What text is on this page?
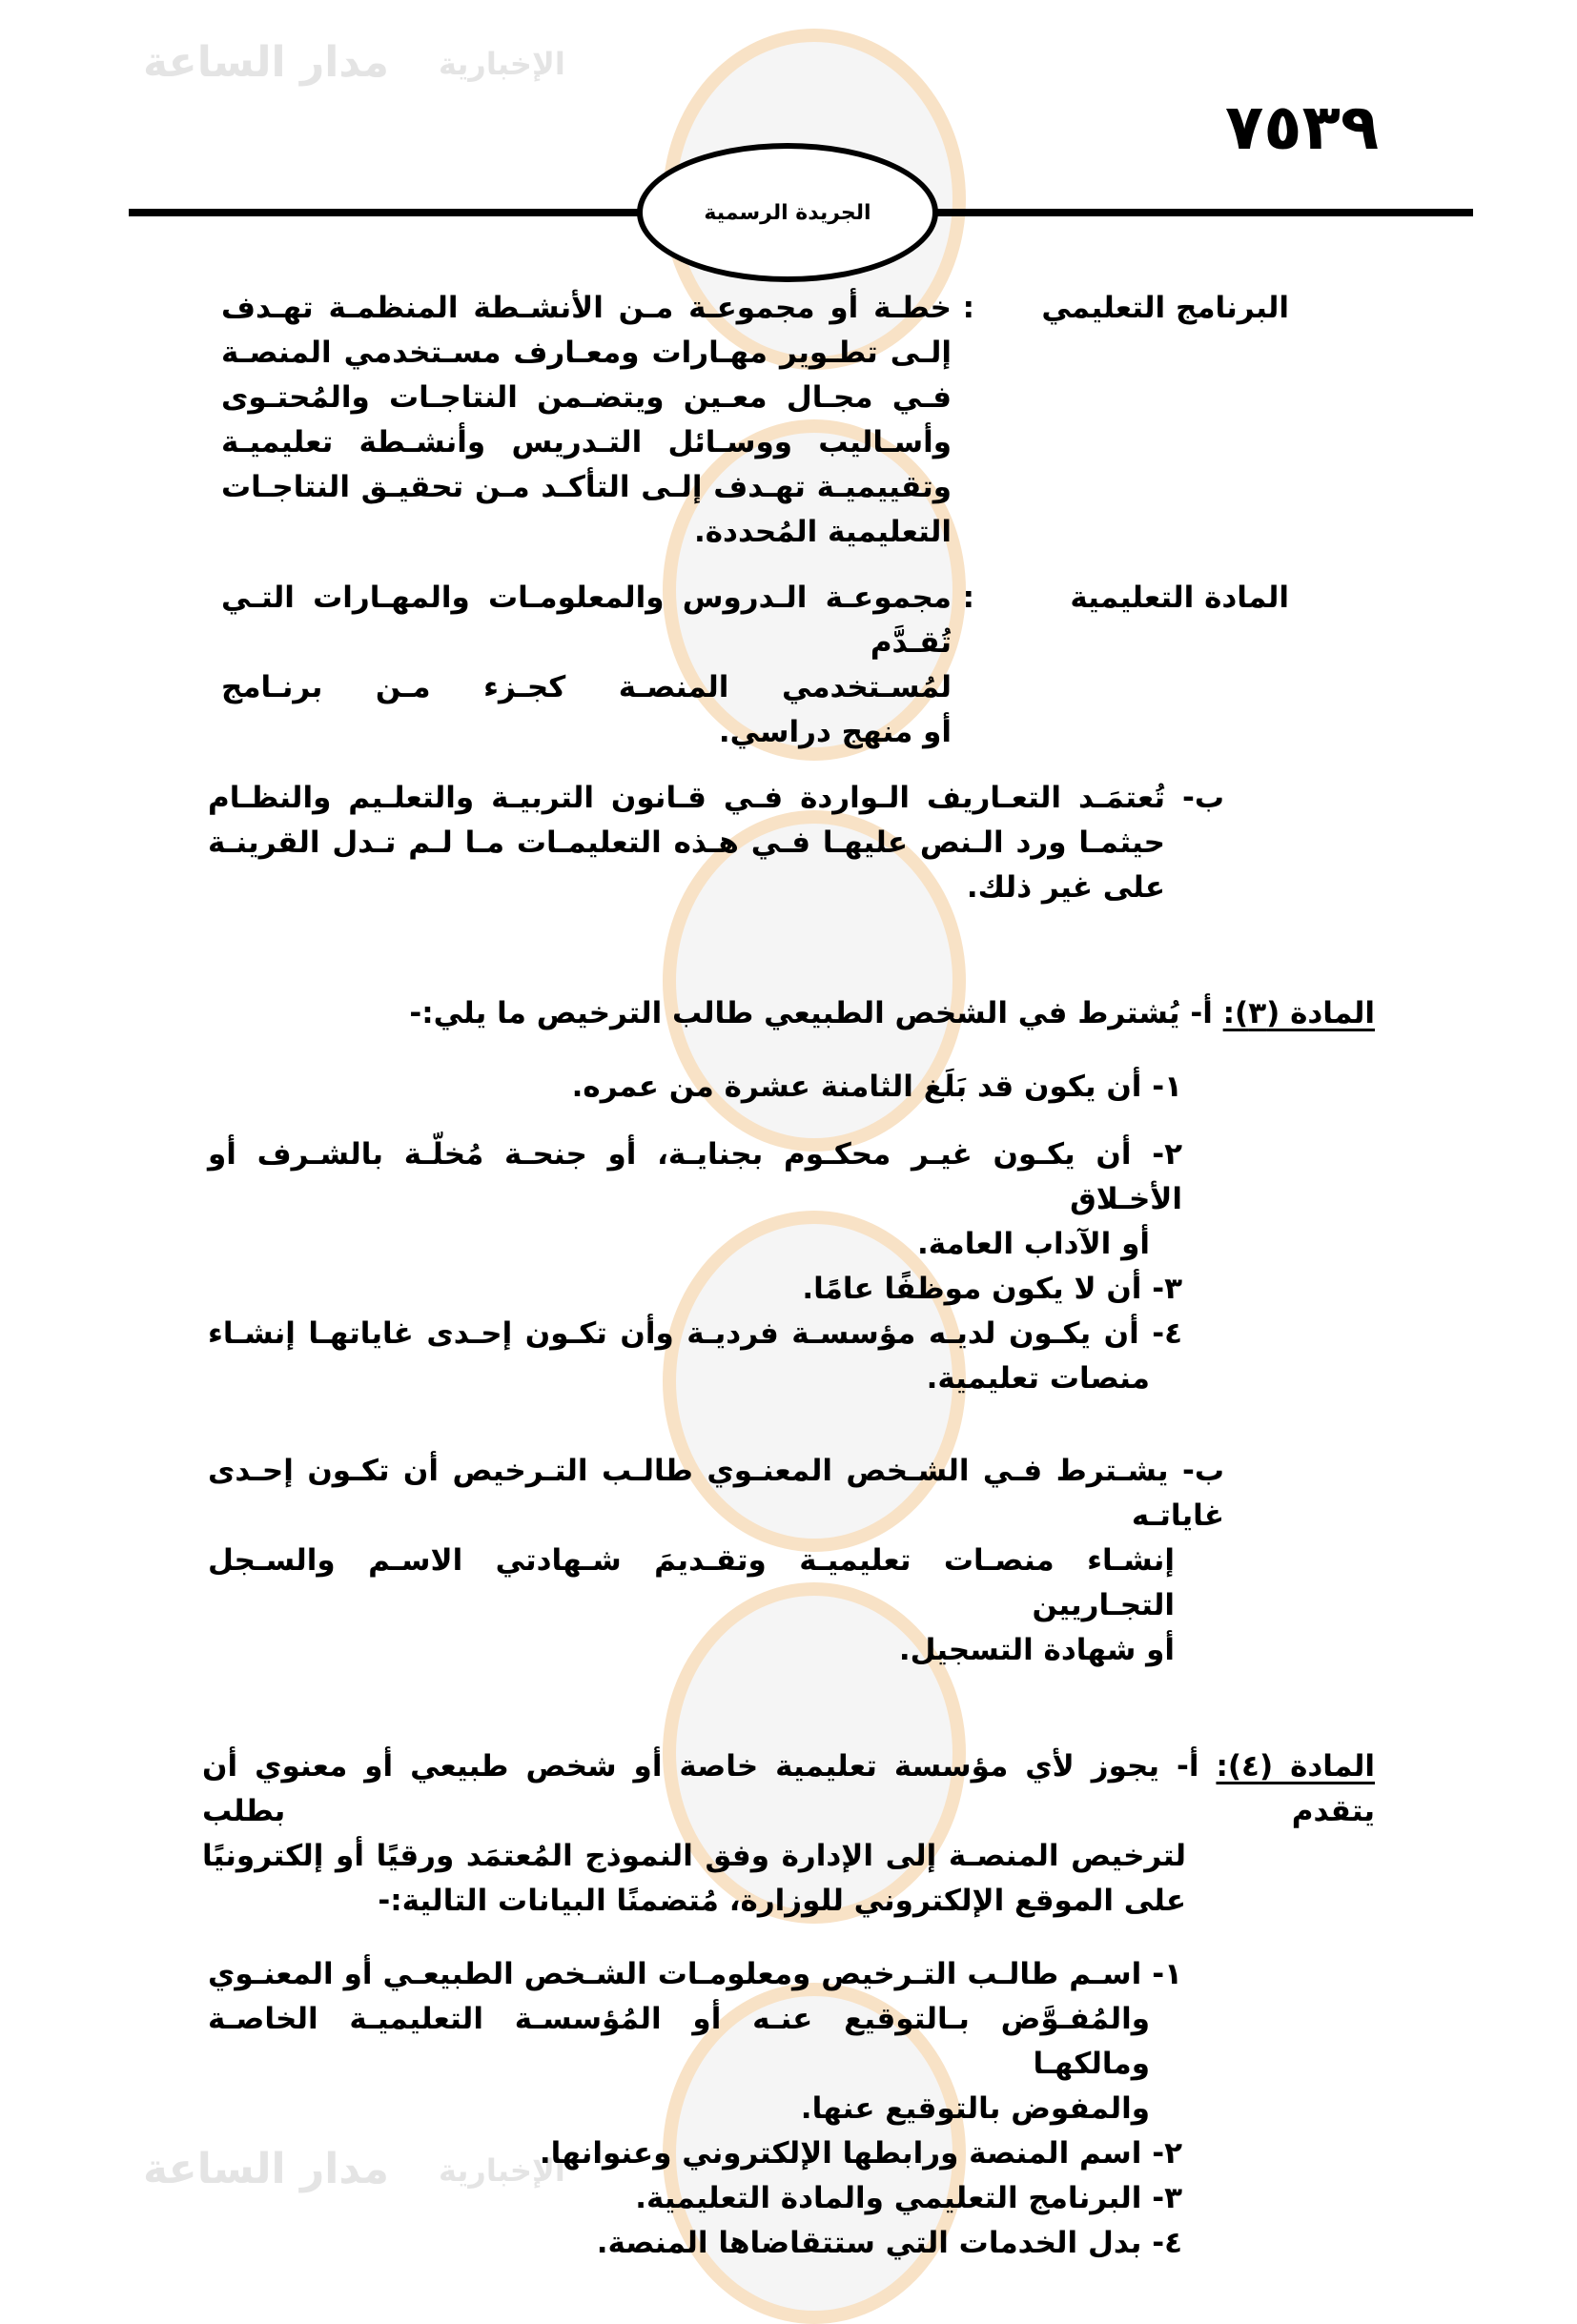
مدار الساعة الإخبارية
مدار الساعة الإخبارية
٧٥٣٩
الجريدة الرسمية
البرنامج التعليمي
:
خطـة أو مجموعـة مـن الأنشـطة المنظمـة تهـدف
إلـى تطـوير مهـارات ومعـارف مسـتخدمي المنصـة
فـي مجـال معـين ويتضـمن النتاجـات والمُحتـوى
وأسـاليب ووسـائل التـدريس وأنشـطة تعليميـة
وتقييميـة تهـدف إلـى التأكـد مـن تحقيـق النتاجـات
التعليمية المُحددة.
المادة التعليمية
:
مجموعـة الـدروس والمعلومـات والمهـارات التـي تُقـدَّم
لمُسـتخدمي المنصـة كجـزء مـن برنـامج
أو منهج دراسي.
ب- تُعتمَـد التعـاريف الـواردة فـي قـانون التربيـة والتعلـيم والنظـام
حيثمـا ورد الـنص عليهـا فـي هـذه التعليمـات مـا لـم تـدل القرينـة
على غير ذلك.
المادة (٣): أ- يُشترط في الشخص الطبيعي طالب الترخيص ما يلي:-
١- أن يكون قد بَلَغ الثامنة عشرة من عمره.
٢- أن يكـون غيـر محكـوم بجنايـة، أو جنحـة مُخلّـة بالشـرف أو الأخـلاق
أو الآداب العامة.
٣- أن لا يكون موظفًا عامًا.
٤- أن يكـون لديـه مؤسسـة فرديـة وأن تكـون إحـدى غاياتهـا إنشـاء
منصات تعليمية.
ب- يشـترط فـي الشـخص المعنـوي طالـب التـرخيص أن تكـون إحـدى غاياتـه
إنشـاء منصـات تعليميـة وتقـديمَ شـهادتي الاسـم والسـجل التجـاريين
أو شهادة التسجيل.
المادة (٤): أ- يجوز لأي مؤسسة تعليمية خاصة أو شخص طبيعي أو معنوي أن يتقدم بطلب
لترخيص المنصـة إلى الإدارة وفق النموذج المُعتمَد ورقيًا أو إلكترونيًا
على الموقع الإلكتروني للوزارة، مُتضمنًا البيانات التالية:-
١- اسـم طالـب التـرخيص ومعلومـات الشـخص الطبيعـي أو المعنـوي
والمُفـوَّض بـالتوقيع عنـه أو المُؤسسـة التعليميـة الخاصـة ومالكهـا
والمفوض بالتوقيع عنها.
٢- اسم المنصة ورابطها الإلكتروني وعنوانها.
٣- البرنامج التعليمي والمادة التعليمية.
٤- بدل الخدمات التي ستتقاضاها المنصة.
